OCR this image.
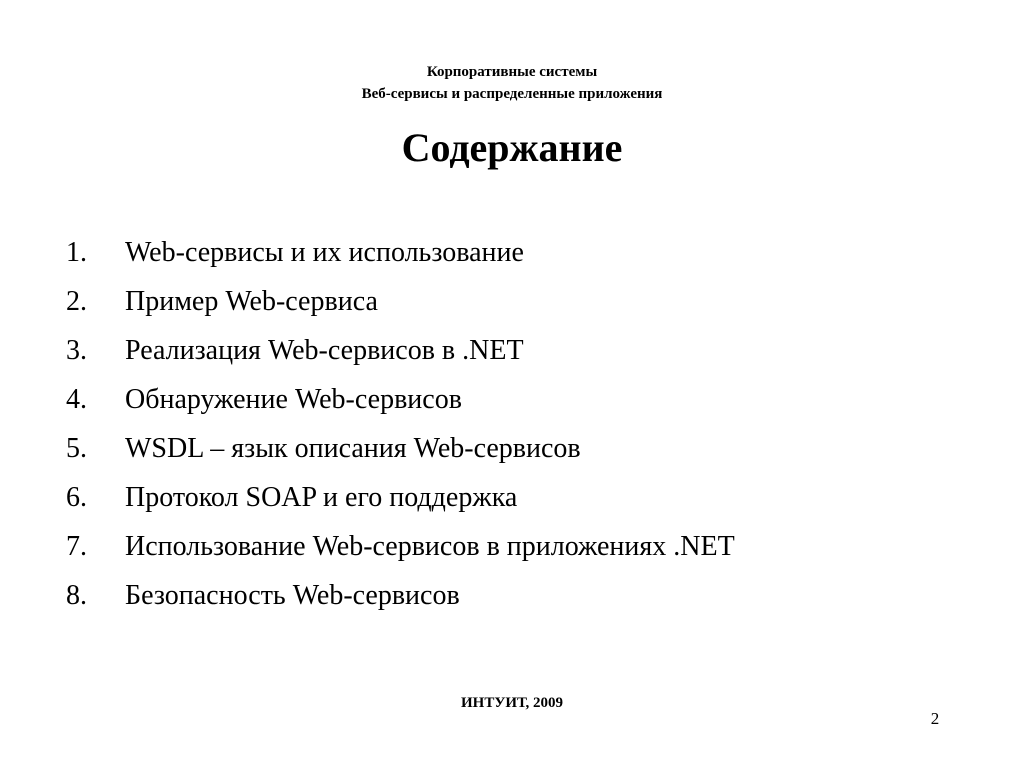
Корпоративные системы
Веб-сервисы и распределенные приложения
Содержание
1.	Web-сервисы и их использование
2.	Пример Web-сервиса
3.	Реализация Web-сервисов в .NET
4.	Обнаружение Web-сервисов
5.	WSDL – язык описания Web-сервисов
6.	Протокол SOAP и его поддержка
7.	Использование Web-сервисов в приложениях .NET
8.	Безопасность Web-сервисов
ИНТУИТ, 2009
2
